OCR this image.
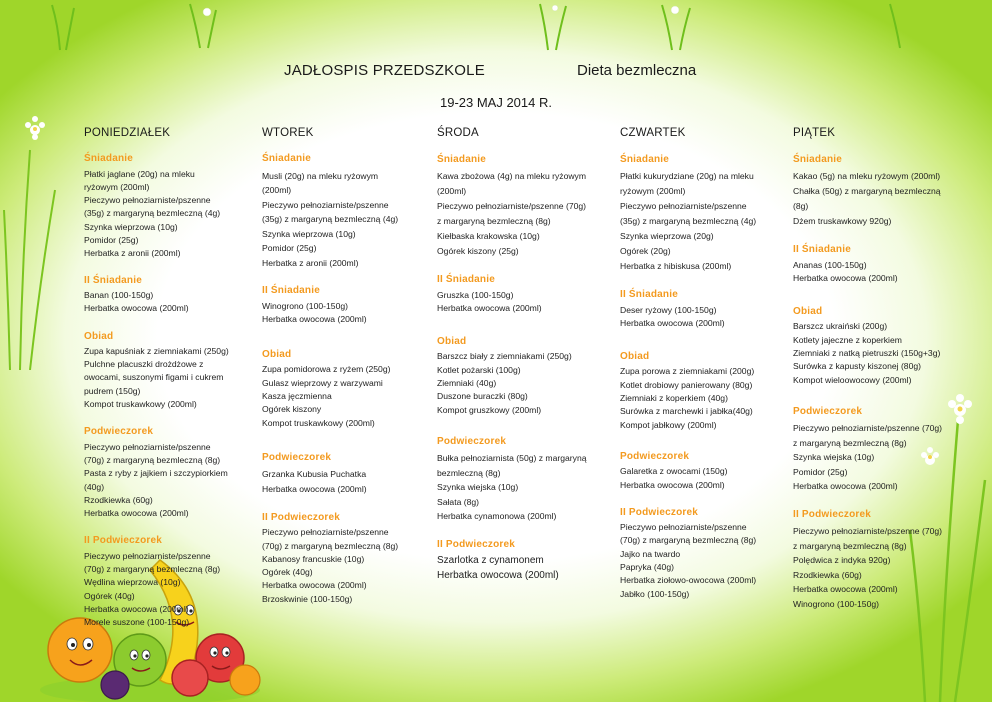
JADŁOSPIS PRZEDSZKOLE	Dieta bezmleczna
19-23 MAJ 2014 R.
PONIEDZIAŁEK
Śniadanie
Płatki jaglane (20g) na mleku
ryżowym (200ml)
Pieczywo pełnoziarniste/pszenne
(35g) z margaryną bezmleczną (4g)
Szynka wieprzowa (10g)
Pomidor (25g)
Herbatka z aronii (200ml)
II Śniadanie
Banan (100-150g)
Herbatka owocowa (200ml)
Obiad
Zupa kapuśniak z ziemniakami (250g)
Pulchne placuszki drożdżowe z
owocami, suszonymi figami i cukrem
pudrem (150g)
Kompot truskawkowy (200ml)
Podwieczorek
Pieczywo pełnoziarniste/pszenne
(70g) z margaryną bezmleczną (8g)
Pasta z ryby z jajkiem i szczypiorkiem
(40g)
Rzodkiewka (60g)
Herbatka owocowa (200ml)
II Podwieczorek
Pieczywo pełnoziarniste/pszenne
(70g) z margaryną bezmleczną (8g)
Wędlina wieprzowa (10g)
Ogórek (40g)
Herbatka owocowa (200ml)
Morele suszone (100-150g)
WTOREK
Śniadanie
Musli (20g) na mleku ryżowym
(200ml)
Pieczywo pełnoziarniste/pszenne
(35g) z margaryną bezmleczną (4g)
Szynka wieprzowa (10g)
Pomidor (25g)
Herbatka z aronii (200ml)
II Śniadanie
Winogrono (100-150g)
Herbatka owocowa (200ml)
Obiad
Zupa pomidorowa z ryżem (250g)
Gulasz wieprzowy z warzywami
Kasza jęczmienna
Ogórek kiszony
Kompot truskawkowy (200ml)
Podwieczorek
Grzanka Kubusia Puchatka
Herbatka owocowa (200ml)
II Podwieczorek
Pieczywo pełnoziarniste/pszenne
(70g) z margaryną bezmleczną (8g)
Kabanosy francuskie (10g)
Ogórek (40g)
Herbatka owocowa (200ml)
Brzoskwinie (100-150g)
ŚRODA
Śniadanie
Kawa zbożowa (4g) na mleku ryżowym
(200ml)
Pieczywo pełnoziarniste/pszenne (70g)
z margaryną bezmleczną (8g)
Kiełbaska krakowska (10g)
Ogórek kiszony (25g)
II Śniadanie
Gruszka (100-150g)
Herbatka owocowa (200ml)
Obiad
Barszcz biały z ziemniakami (250g)
Kotlet pożarski (100g)
Ziemniaki (40g)
Duszone buraczki (80g)
Kompot gruszkowy (200ml)
Podwieczorek
Bułka pełnoziarnista (50g) z margaryną
bezmleczną (8g)
Szynka wiejska (10g)
Sałata (8g)
Herbatka cynamonowa (200ml)
II Podwieczorek
Szarlotka z cynamonem
Herbatka owocowa (200ml)
CZWARTEK
Śniadanie
Płatki kukurydziane (20g) na mleku
ryżowym (200ml)
Pieczywo pełnoziarniste/pszenne
(35g) z margaryną bezmleczną (4g)
Szynka wieprzowa (20g)
Ogórek (20g)
Herbatka z hibiskusa (200ml)
II Śniadanie
Deser ryżowy (100-150g)
Herbatka owocowa (200ml)
Obiad
Zupa porowa z ziemniakami (200g)
Kotlet drobiowy panierowany (80g)
Ziemniaki z koperkiem (40g)
Surówka z marchewki i jabłka(40g)
Kompot jabłkowy (200ml)
Podwieczorek
Galaretka z owocami (150g)
Herbatka owocowa (200ml)
II Podwieczorek
Pieczywo pełnoziarniste/pszenne
(70g) z margaryną bezmleczną (8g)
Jajko na twardo
Papryka (40g)
Herbatka ziołowo-owocowa (200ml)
Jabłko (100-150g)
PIĄTEK
Śniadanie
Kakao (5g) na mleku ryżowym (200ml)
Chałka (50g) z margaryną bezmleczną
(8g)
Dżem truskawkowy 920g)
II Śniadanie
Ananas (100-150g)
Herbatka owocowa (200ml)
Obiad
Barszcz ukraiński (200g)
Kotlety jajeczne z koperkiem
Ziemniaki z natką pietruszki (150g+3g)
Surówka z kapusty kiszonej (80g)
Kompot wieloowocowy (200ml)
Podwieczorek
Pieczywo pełnoziarniste/pszenne (70g)
z margaryną bezmleczną (8g)
Szynka wiejska (10g)
Pomidor (25g)
Herbatka owocowa (200ml)
II Podwieczorek
Pieczywo pełnoziarniste/pszenne (70g)
z margaryną bezmleczną (8g)
Polędwica z indyka 920g)
Rzodkiewka (60g)
Herbatka owocowa (200ml)
Winogrono (100-150g)
